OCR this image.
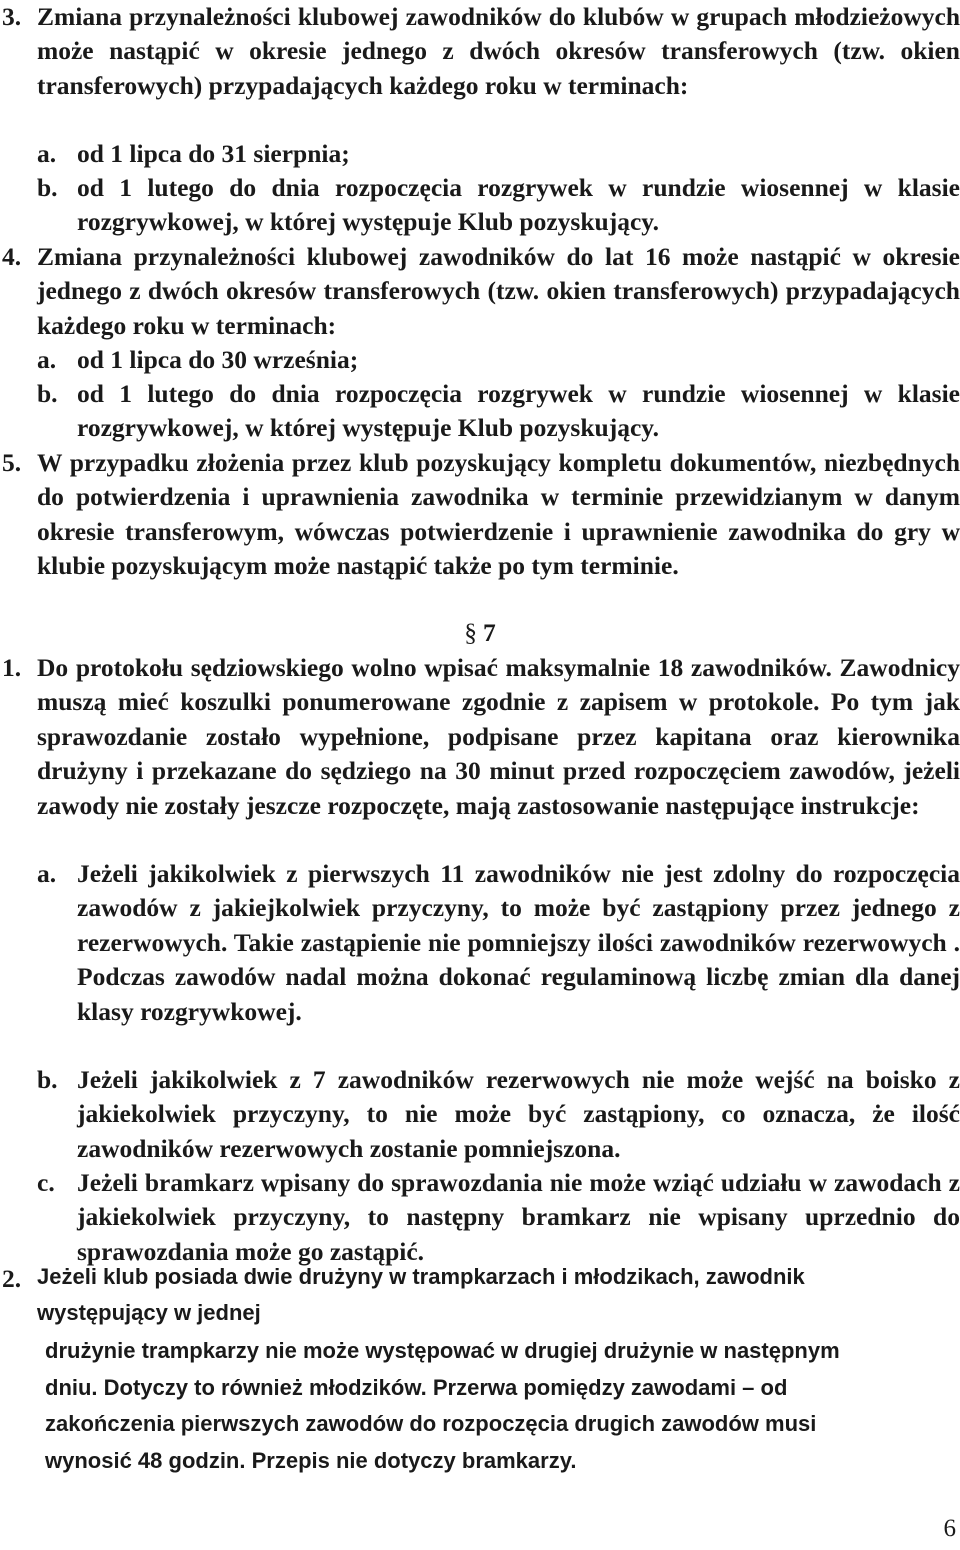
3. Zmiana przynależności klubowej zawodników do klubów w grupach młodzieżowych może nastąpić w okresie jednego z dwóch okresów transferowych (tzw. okien transferowych) przypadających każdego roku w terminach:
a. od 1 lipca do 31 sierpnia;
b. od 1 lutego do dnia rozpoczęcia rozgrywek w rundzie wiosennej w klasie rozgrywkowej, w której występuje Klub pozyskujący.
4. Zmiana przynależności klubowej zawodników do lat 16 może nastąpić w okresie jednego z dwóch okresów transferowych (tzw. okien transferowych) przypadających każdego roku w terminach:
a. od 1 lipca do 30 września;
b. od 1 lutego do dnia rozpoczęcia rozgrywek w rundzie wiosennej w klasie rozgrywkowej, w której występuje Klub pozyskujący.
5. W przypadku złożenia przez klub pozyskujący kompletu dokumentów, niezbędnych do potwierdzenia i uprawnienia zawodnika w terminie przewidzianym w danym okresie transferowym, wówczas potwierdzenie i uprawnienie zawodnika do gry w klubie pozyskującym może nastąpić także po tym terminie.
§ 7
1. Do protokołu sędziowskiego wolno wpisać maksymalnie 18 zawodników. Zawodnicy muszą mieć koszulki ponumerowane zgodnie z zapisem w protokole. Po tym jak sprawozdanie zostało wypełnione, podpisane przez kapitana oraz kierownika drużyny i przekazane do sędziego na 30 minut przed rozpoczęciem zawodów, jeżeli zawody nie zostały jeszcze rozpoczęte, mają zastosowanie następujące instrukcje:
a. Jeżeli jakikolwiek z pierwszych 11 zawodników nie jest zdolny do rozpoczęcia zawodów z jakiejkolwiek przyczyny, to może być zastąpiony przez jednego z rezerwowych. Takie zastąpienie nie pomniejszy ilości zawodników rezerwowych . Podczas zawodów nadal można dokonać regulaminową liczbę zmian dla danej klasy rozgrywkowej.
b. Jeżeli jakikolwiek z 7 zawodników rezerwowych nie może wejść na boisko z jakiekolwiek przyczyny, to nie może być zastąpiony, co oznacza, że ilość zawodników rezerwowych zostanie pomniejszona.
c. Jeżeli bramkarz wpisany do sprawozdania nie może wziąć udziału w zawodach z jakiekolwiek przyczyny, to następny bramkarz nie wpisany uprzednio do sprawozdania może go zastąpić.
2. Jeżeli klub posiada dwie drużyny w trampkarzach i młodzikach, zawodnik
występujący w jednej
drużynie trampkarzy nie może występować w drugiej drużynie w następnym dniu. Dotyczy to również młodzików. Przerwa pomiędzy zawodami – od zakończenia pierwszych zawodów do rozpoczęcia drugich zawodów musi wynosić 48 godzin. Przepis nie dotyczy bramkarzy.
6
